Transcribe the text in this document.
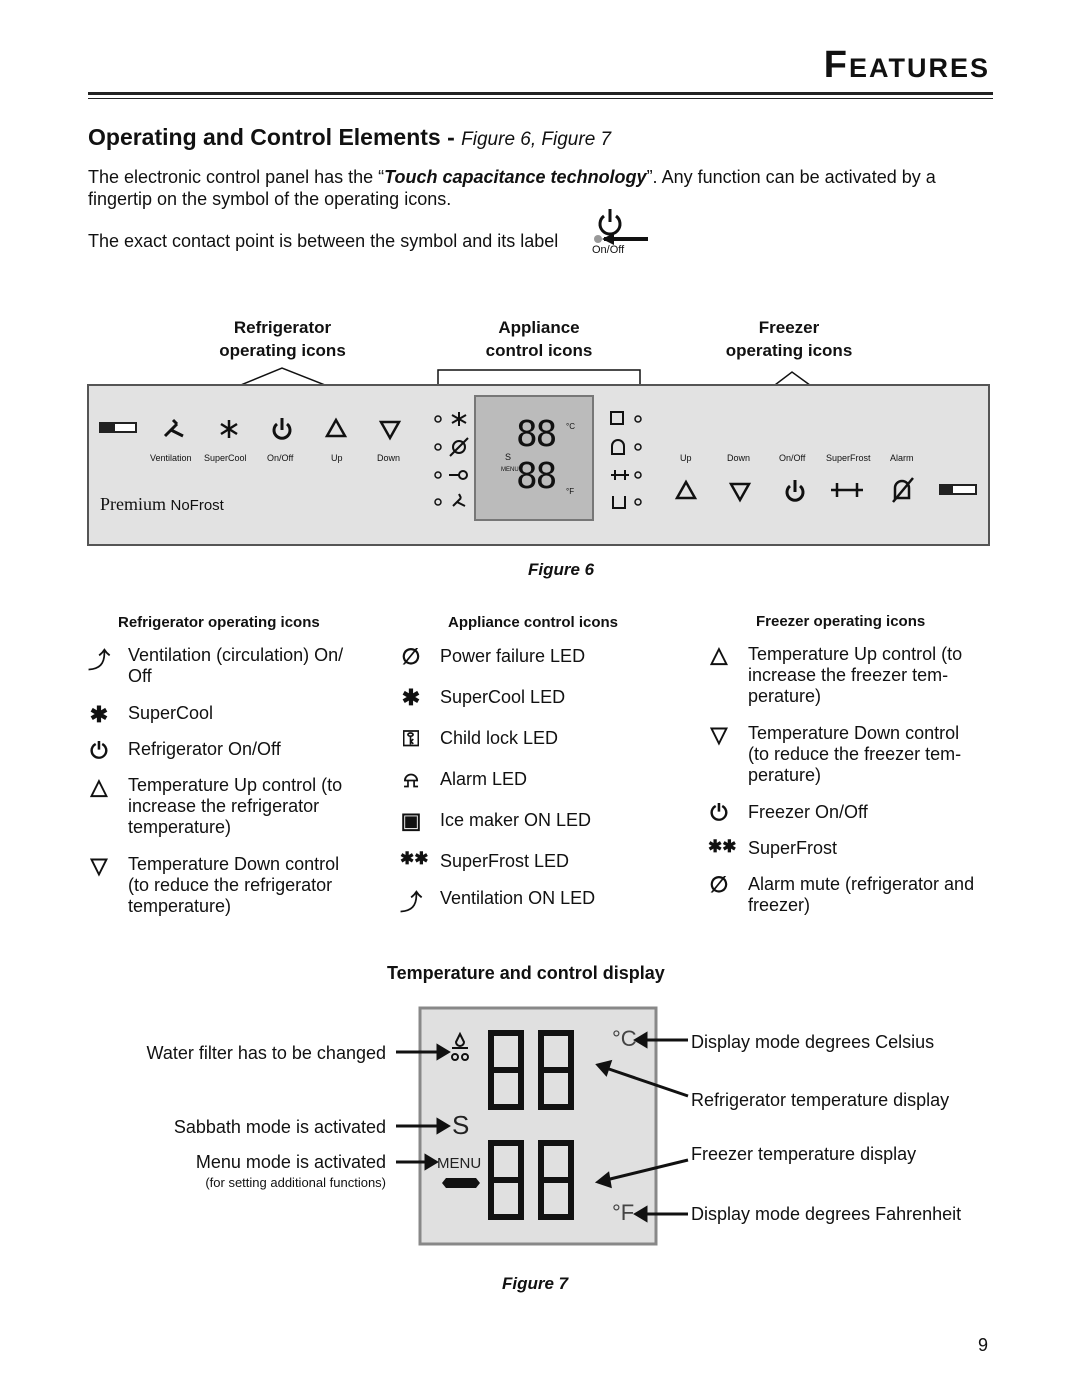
Features
Operating and Control Elements - Figure 6, Figure 7
The electronic control panel has the “Touch capacitance technology”. Any function can be activated by a
fingertip on the symbol of the operating icons.
The exact contact point is between the symbol and its label	On/Off
Refrigerator
operating icons
Appliance
control icons
Freezer
operating icons
Ventilation SuperCool On/Off	Up	Down	Up	Down	On/Off SuperFrost Alarm
Premium NoFrost
88
88
°C
°F
S
MENU
Figure 6
Refrigerator operating icons	Appliance control icons	Freezer operating icons
⤴ Ventilation (circulation) On/
Off
✱ SuperCool
⏻ Refrigerator On/Off
△ Temperature Up control (to
increase the refrigerator
temperature)
▽ Temperature Down control
(to reduce the refrigerator
temperature)
∅ Power failure LED
✱ SuperCool LED
⚿ Child lock LED
⍾	Alarm LED
▣ Ice maker ON LED
✱✱ SuperFrost LED
⤴ Ventilation ON LED
△ Temperature Up control (to
increase the freezer tem-
perature)
▽ Temperature Down control
(to reduce the freezer tem-
perature)
⏻ Freezer On/Off
✱✱ SuperFrost
∅ Alarm mute (refrigerator and
freezer)
Temperature and control display
Water filter has to be changed
Sabbath mode is activated
Menu mode is activated
(for setting additional functions)
Display mode degrees Celsius
Refrigerator temperature display
Freezer temperature display
Display mode degrees Fahrenheit
°C
°F
S
MENU
Figure 7
9
